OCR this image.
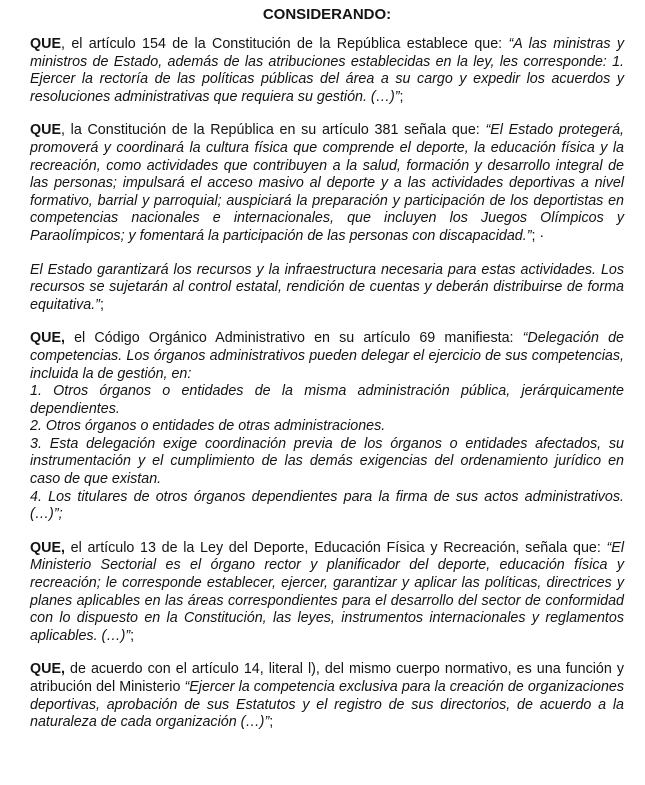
CONSIDERANDO:

QUE, el artículo 154 de la Constitución de la República establece que: “A las ministras y ministros de Estado, además de las atribuciones establecidas en la ley, les corresponde: 1. Ejercer la rectoría de las políticas públicas del área a su cargo y expedir los acuerdos y resoluciones administrativas que requiera su gestión. (…)”;

QUE, la Constitución de la República en su artículo 381 señala que: “El Estado protegerá, promoverá y coordinará la cultura física que comprende el deporte, la educación física y la recreación, como actividades que contribuyen a la salud, formación y desarrollo integral de las personas; impulsará el acceso masivo al deporte y a las actividades deportivas a nivel formativo, barrial y parroquial; auspiciará la preparación y participación de los deportistas en competencias nacionales e internacionales, que incluyen los Juegos Olímpicos y Paraolímpicos; y fomentará la participación de las personas con discapacidad.”; ·

El Estado garantizará los recursos y la infraestructura necesaria para estas actividades. Los recursos se sujetarán al control estatal, rendición de cuentas y deberán distribuirse de forma equitativa.”;

QUE, el Código Orgánico Administrativo en su artículo 69 manifiesta: “Delegación de competencias. Los órganos administrativos pueden delegar el ejercicio de sus competencias, incluida la de gestión, en:
1. Otros órganos o entidades de la misma administración pública, jerárquicamente dependientes.
2. Otros órganos o entidades de otras administraciones.
3. Esta delegación exige coordinación previa de los órganos o entidades afectados, su instrumentación y el cumplimiento de las demás exigencias del ordenamiento jurídico en caso de que existan.
4. Los titulares de otros órganos dependientes para la firma de sus actos administrativos. (…)”;

QUE, el artículo 13 de la Ley del Deporte, Educación Física y Recreación, señala que: “El Ministerio Sectorial es el órgano rector y planificador del deporte, educación física y recreación; le corresponde establecer, ejercer, garantizar y aplicar las políticas, directrices y planes aplicables en las áreas correspondientes para el desarrollo del sector de conformidad con lo dispuesto en la Constitución, las leyes, instrumentos internacionales y reglamentos aplicables. (…)”;

QUE, de acuerdo con el artículo 14, literal l), del mismo cuerpo normativo, es una función y atribución del Ministerio “Ejercer la competencia exclusiva para la creación de organizaciones deportivas, aprobación de sus Estatutos y el registro de sus directorios, de acuerdo a la naturaleza de cada organización (…)”;
